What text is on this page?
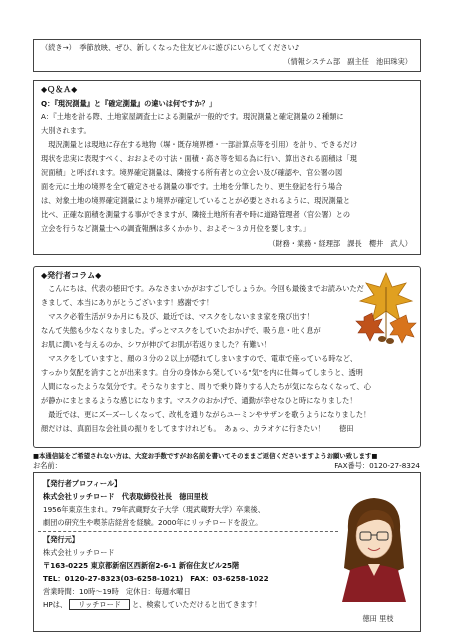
（続き→）　季節放映、ぜひ、新しくなった住友ビルに遊びにいらしてください♪
（情報システム部　副主任　池田珠実）
◆Ｑ＆Ａ◆
Q：『現況測量』と『確定測量』の違いは何ですか？」
A：『土地を計る際、土地家屋調査士による測量が一般的です。現況測量と確定測量の２種類に
大別されます。
　現況測量とは現地に存在する地物（塀・既存境界標・一部計算点等を引用）を計り、できるだけ
現状を忠実に表現すべく、おおよその寸法・面積・高さ等を知る為に行い、算出される面積は「現
況面積」と呼ばれます。境界確定測量は、隣接する所有者との立会い及び確認や、官公署の図
面を元に土地の境界を全て確定させる測量の事です。土地を分筆したり、更生登記を行う場合
は、対象土地の境界確定測量により境界が確定していることが必要とされるように、現況測量と
比べ、正確な面積を測量する事ができますが、隣接土地所有者や時に道路管理者（官公署）との
立会を行うなど測量士への調査報酬は多くかかり、およそ〜３カ月位を要します。」
（財務・業務・経理部　課長　櫻井　武人）
◆発行者コラム◆
　こんにちは、代表の徳田です。みなさまいかがおすごしでしょうか。今回も最後までお読みいただ
きまして、本当にありがとうございます！感謝です！
　マスク必着生活が９か月にも及び、最近では、マスクをしないまま家を飛び出す！
なんて失態も少なくなりました。ずっとマスクをしていたおかげで、吸う息・吐く息が
お肌に潤いを与えるのか、シワが伸びてお肌が若返りました？有難い！
　マスクをしていますと、顔の３分の２以上が隠れてしまいますので、電車で座っている時など、
すっかり気配を消すことが出来ます。自分の身体から発している"気"を内に仕舞ってしまうと、透明
人間になったような気分です。そうなりますと、周りで乗り降りする人たちが気にならなくなって、心
が静かにまとまるような感じになります。マスクのおかげで、通勤が幸せなひと時になりました！
　最近では、更にズーズーしくなって、改札を通りながらユーミンやサザンを歌うようになりました！
顔だけは、真面目な会社員の振りをしてますけれども。　あぁっ、カラオケに行きたい！　　徳田
■本通信誌をご希望されない方は、大変お手数ですがお名前を書いてそのままご返信くださいますようお願い致します■
お名前：	FAX番号：0120-27-8324
【発行者プロフィール】
株式会社リッチロード　代表取締役社長　徳田里枝
1956年東京生まれ。79年武蔵野女子大学（現武蔵野大学）卒業後、
劇団の研究生や喫茶店経営を経験。2000年にリッチロードを設立。
【発行元】
株式会社リッチロード
〒163-0225 東京都新宿区西新宿2-6-1 新宿住友ビル25階
TEL：0120-27-8323(03-6258-1021)　FAX：03-6258-1022
営業時間：10時〜19時　定休日：毎週水曜日
HPは、 リッチロード と、検索していただけると出てきます！
徳田 里枝
